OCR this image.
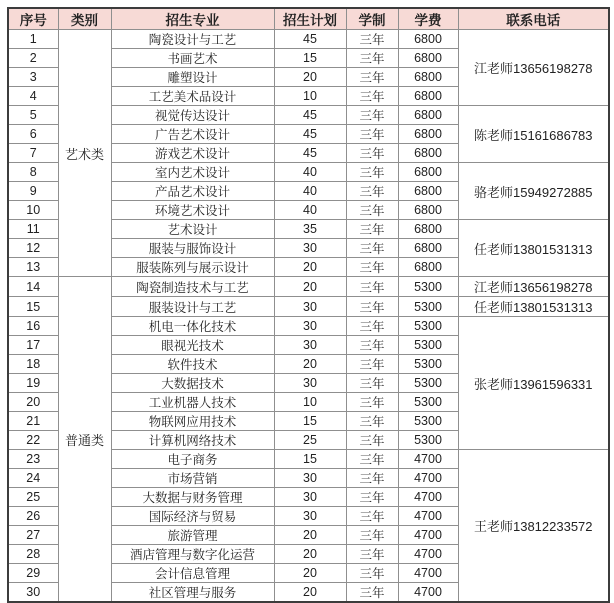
序号	类别	招生专业	招生计划	学制	学费	联系电话
1	艺术类	陶瓷设计与工艺	45	三年	6800	江老师13656198278
2		书画艺术	15	三年	6800	
3		雕塑设计	20	三年	6800	
4		工艺美术品设计	10	三年	6800	
5		视觉传达设计	45	三年	6800	陈老师15161686783
6		广告艺术设计	45	三年	6800	
7		游戏艺术设计	45	三年	6800	
8		室内艺术设计	40	三年	6800	骆老师15949272885
9		产品艺术设计	40	三年	6800	
10		环境艺术设计	40	三年	6800	
11		艺术设计	35	三年	6800	任老师13801531313
12		服装与服饰设计	30	三年	6800	
13		服装陈列与展示设计	20	三年	6800	
14	普通类	陶瓷制造技术与工艺	20	三年	5300	江老师13656198278
15		服装设计与工艺	30	三年	5300	任老师13801531313
16		机电一体化技术	30	三年	5300	张老师13961596331
17		眼视光技术	30	三年	5300	
18		软件技术	20	三年	5300	
19		大数据技术	30	三年	5300	
20		工业机器人技术	10	三年	5300	
21		物联网应用技术	15	三年	5300	
22		计算机网络技术	25	三年	5300	
23		电子商务	15	三年	4700	王老师13812233572
24		市场营销	30	三年	4700	
25		大数据与财务管理	30	三年	4700	
26		国际经济与贸易	30	三年	4700	
27		旅游管理	20	三年	4700	
28		酒店管理与数字化运营	20	三年	4700	
29		会计信息管理	20	三年	4700	
30		社区管理与服务	20	三年	4700	
